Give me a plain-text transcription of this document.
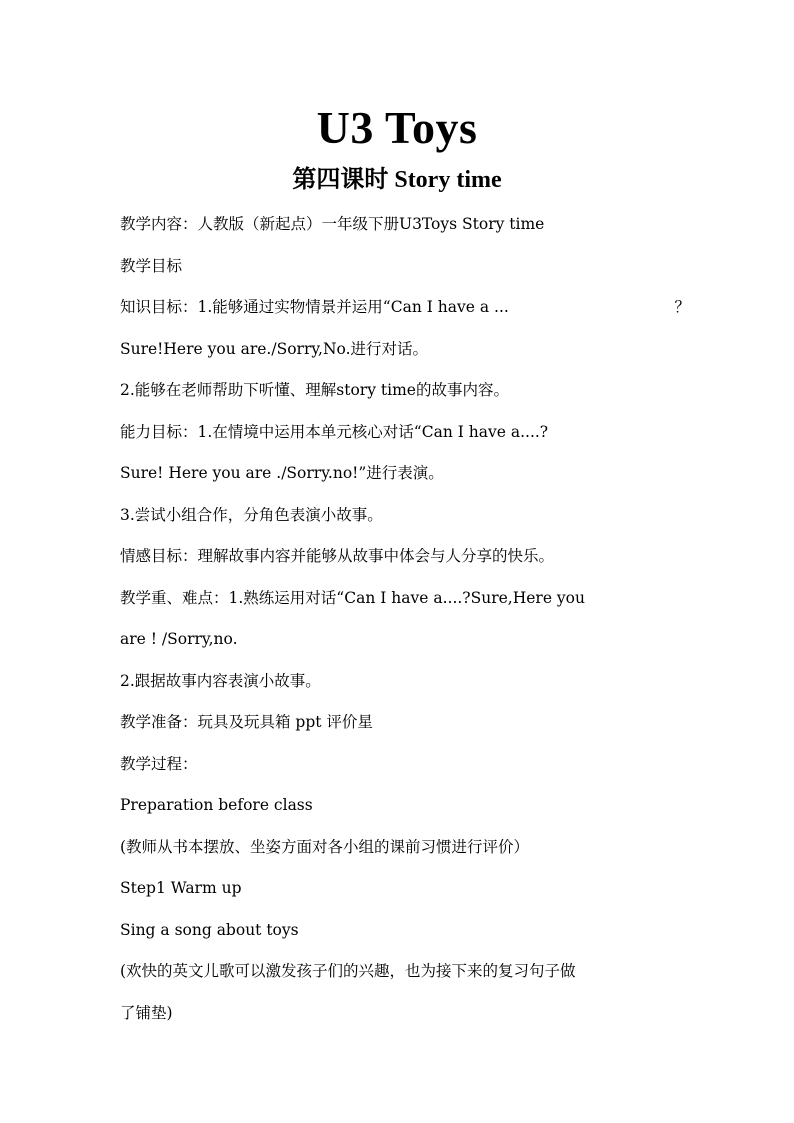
U3 Toys
第四课时 Story time
教学内容：人教版（新起点）一年级下册U3Toys Story time
教学目标
知识目标：1.能够通过实物情景并运用“Can I have a ...	？
Sure!Here you are./Sorry,No.进行对话。
2.能够在老师帮助下听懂、理解story time的故事内容。
能力目标：1.在情境中运用本单元核心对话“Can I have a....?
Sure! Here you are ./Sorry.no!”进行表演。
3.尝试小组合作，分角色表演小故事。
情感目标：理解故事内容并能够从故事中体会与人分享的快乐。
教学重、难点：1.熟练运用对话“Can I have a....?Sure,Here you
are ! /Sorry,no.
2.跟据故事内容表演小故事。
教学准备：玩具及玩具箱 ppt 评价星
教学过程：
Preparation before class
(教师从书本摆放、坐姿方面对各小组的课前习惯进行评价）
Step1 Warm up
Sing a song about toys
(欢快的英文儿歌可以激发孩子们的兴趣，也为接下来的复习句子做
了铺垫)
